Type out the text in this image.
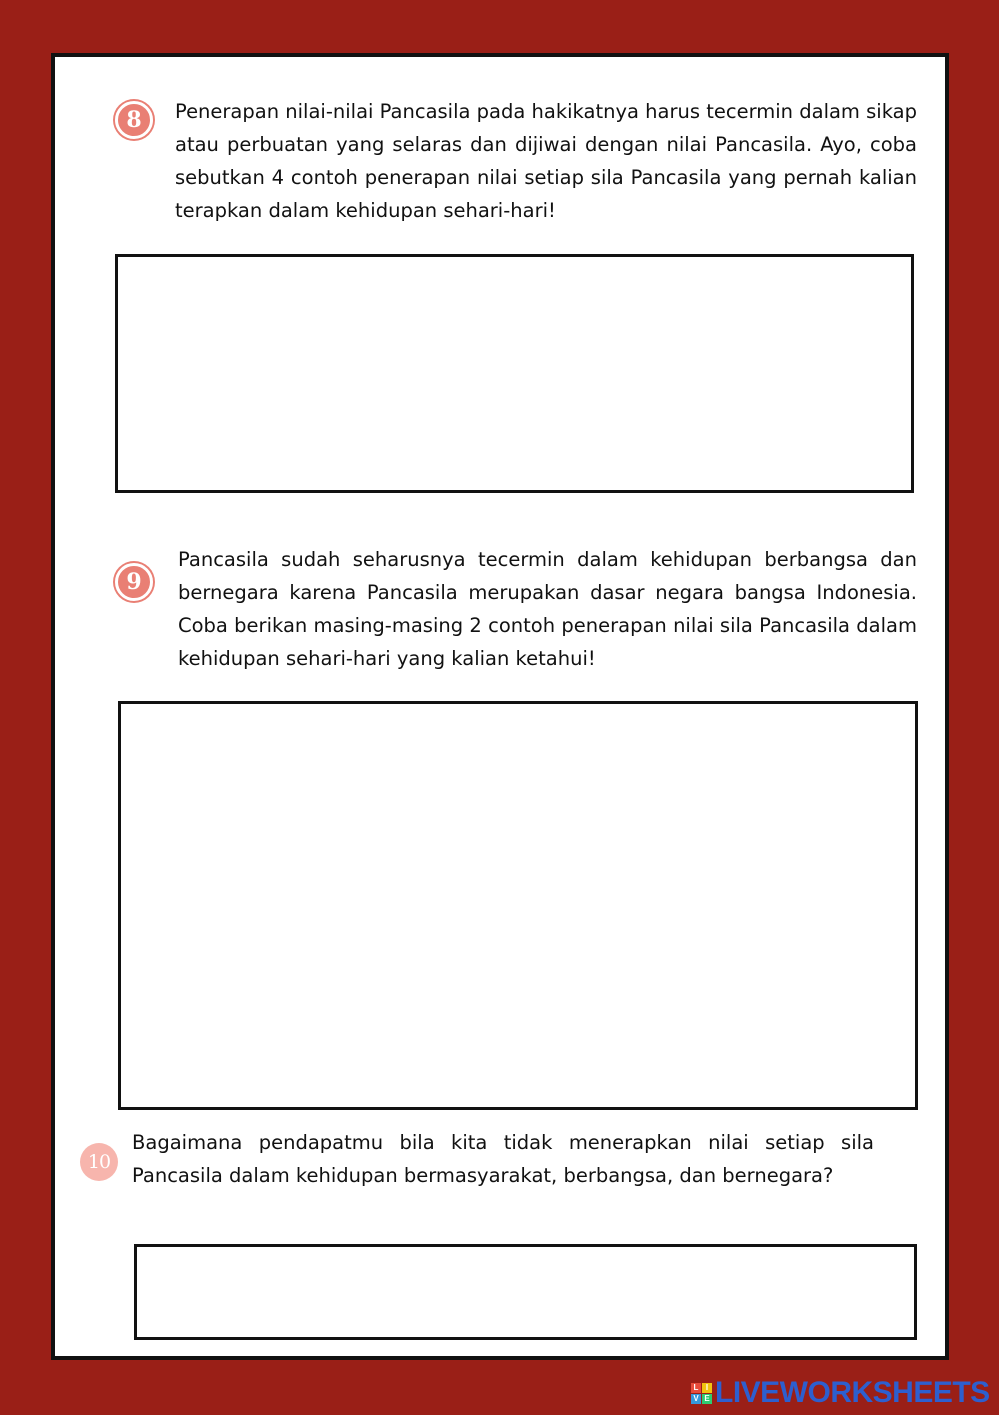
8 Penerapan nilai-nilai Pancasila pada hakikatnya harus tecermin dalam sikap atau perbuatan yang selaras dan dijiwai dengan nilai Pancasila. Ayo, coba sebutkan 4 contoh penerapan nilai setiap sila Pancasila yang pernah kalian terapkan dalam kehidupan sehari-hari!

9

Pancasila sudah seharusnya tecermin dalam kehidupan berbangsa dan bernegara karena Pancasila merupakan dasar negara bangsa Indonesia. Coba berikan masing-masing 2 contoh penerapan nilai sila Pancasila dalam kehidupan sehari-hari yang kalian ketahui!

10

Bagaimana pendapatmu bila kita tidak menerapkan nilai setiap sila Pancasila dalam kehidupan bermasyarakat, berbangsa, dan bernegara?

L I
V E LIVEWORKSHEETS
